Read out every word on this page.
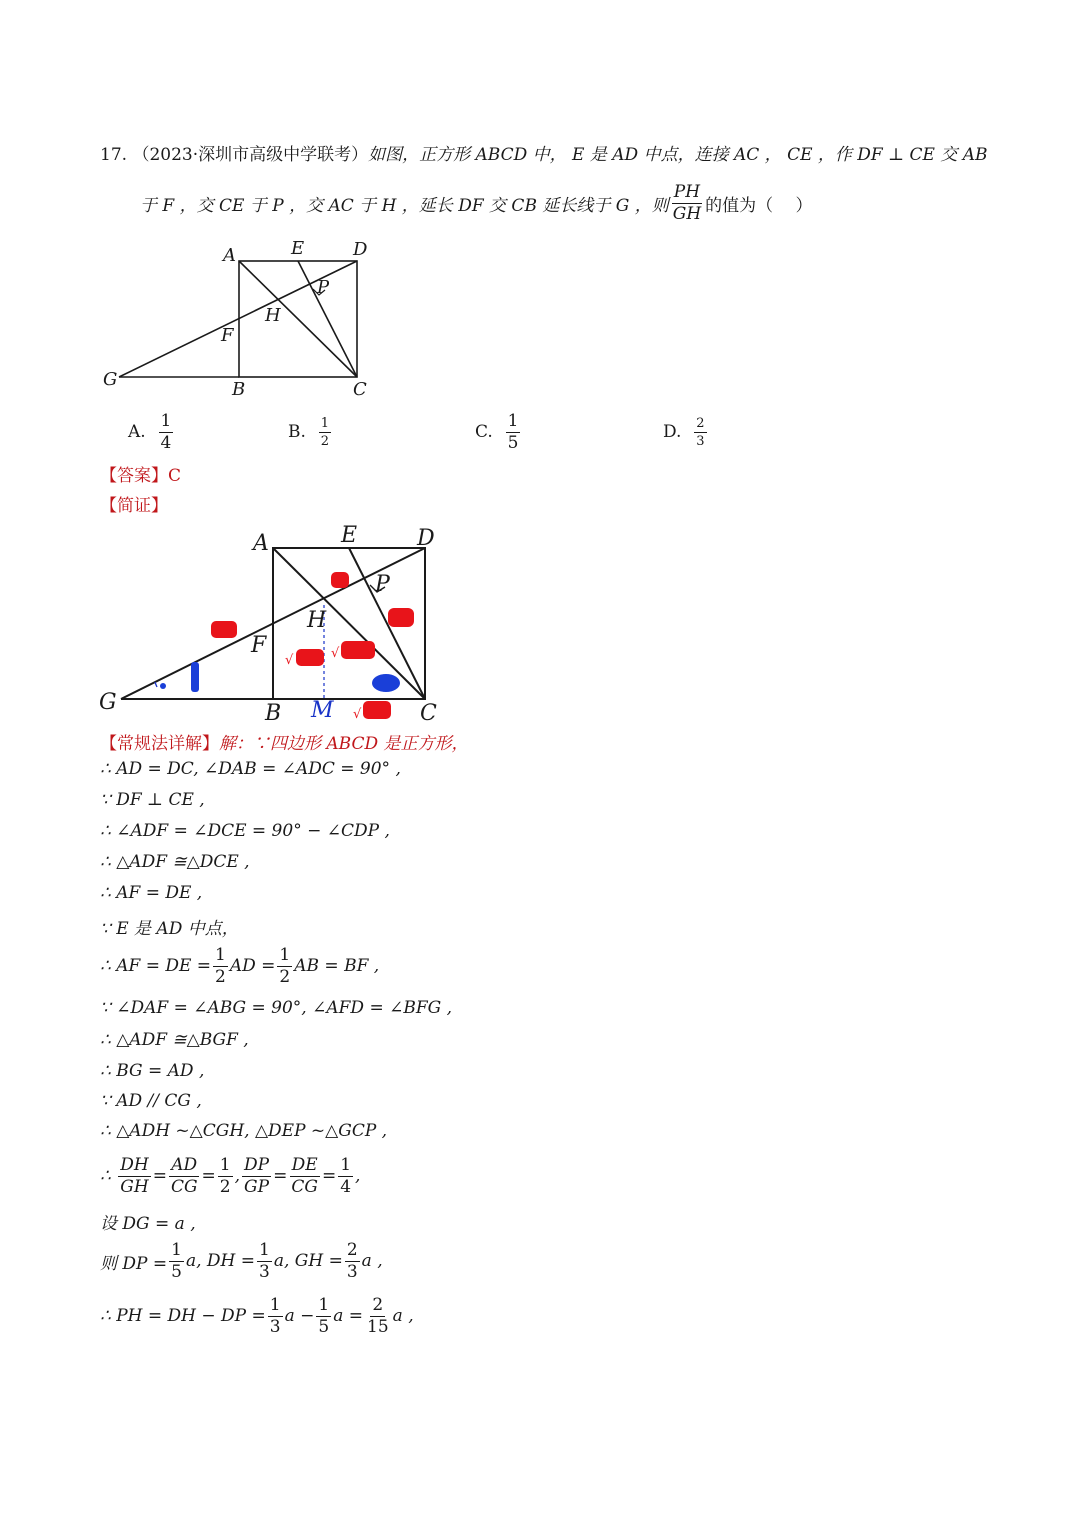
17. （2023·深圳市高级中学联考）如图，正方形 ABCD 中， E 是 AD 中点，连接 AC ， CE ，作 DF ⊥ CE 交 AB
于 F ，交 CE 于 P ，交 AC 于 H ，延长 DF 交 CB 延长线于 G ，则 $\frac{PH}{GH}$ 的值为（　 ）
A	E	D
P
H
F
G	B	C
A.
$\frac{1}{4}$	B.
$\frac{1}{2}$	C.
$\frac{1}{5}$	D.
$\frac{2}{3}$
【答案】C
【简证】
A	E	D
P
H
F
G	B	C
M
√	√
√
【常规法详解】解：∵四边形 ABCD 是正方形，
∴ AD = DC, ∠DAB = ∠ADC = 90° ,
∵ DF ⊥ CE ,
∴ ∠ADF = ∠DCE = 90° − ∠CDP ,
∴ △ADF ≅△DCE ,
∴ AF = DE ,
∵ E 是 AD 中点，
∴ AF = DE = $\frac{1}{2}$ AD = $\frac{1}{2}$ AB = BF ,
∵ ∠DAF = ∠ABG = 90°, ∠AFD = ∠BFG ,
∴ △ADF ≅△BGF ,
∴ BG = AD ,
∵ AD // CG ,
∴ △ADH ~△CGH, △DEP ~△GCP ,
∴
$\frac{DH}{GH} = \frac{AD}{CG} = \frac{1}{2}$ , $\frac{DP}{GP} = \frac{DE}{CG} = \frac{1}{4}$ ,
设 DG = a ,
则 DP = $\frac{1}{5} a$, DH = $\frac{1}{3} a$, GH = $\frac{2}{3}$ a ,
∴ PH = DH − DP = $\frac{1}{3}$ $a - \frac{1}{5}$ $a = \frac{2}{15}$ a ,
